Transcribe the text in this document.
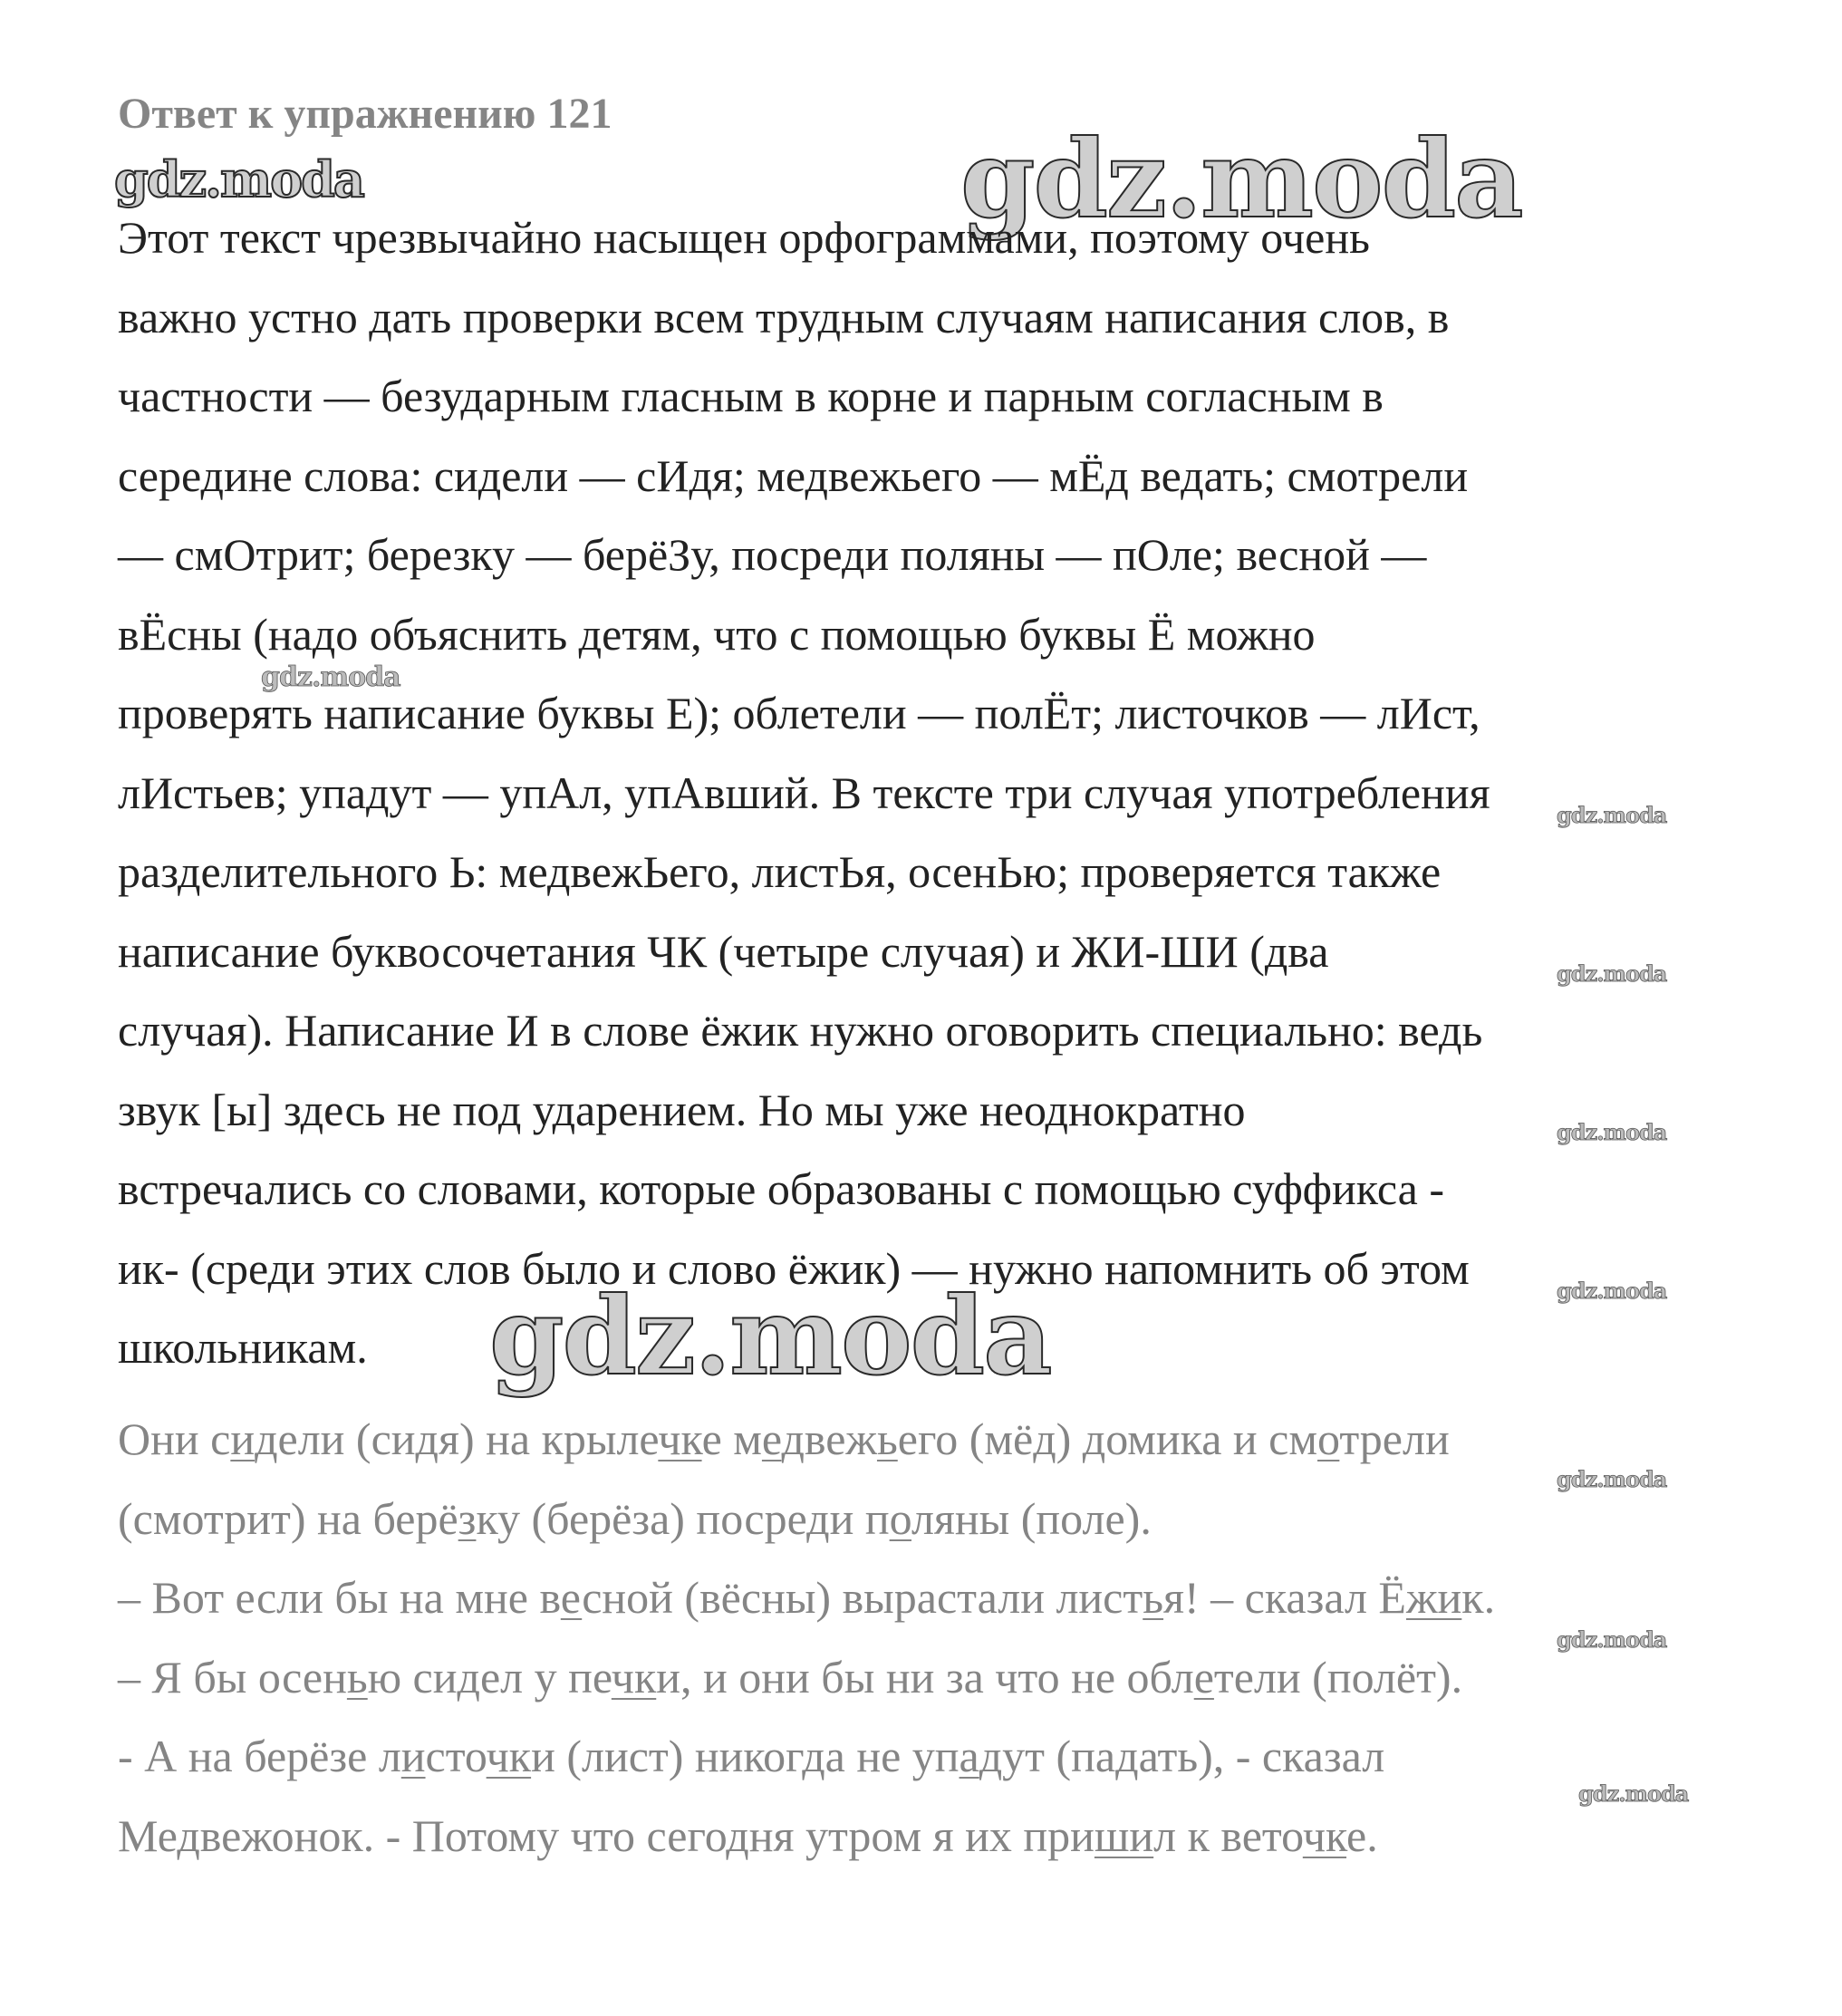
Ответ к упражнению 121
gdz.moda	gdz.moda
gdz.moda
gdz.moda
gdz.moda
gdz.moda
gdz.moda
gdz.moda
gdz.moda
gdz.moda
gdz.moda
Этот текст чрезвычайно насыщен орфограммами, поэтому очень
важно устно дать проверки всем трудным случаям написания слов, в
частности — безударным гласным в корне и парным согласным в
середине слова: сидели — сИдя; медвежьего — мЁд ведать; смотрели
— смОтрит; березку — берёЗу, посреди поляны — пОле; весной —
вЁсны (надо объяснить детям, что с помощью буквы Ё можно
проверять написание буквы Е); облетели — полЁт; листочков — лИст,
лИстьев; упадут — упАл, упАвший. В тексте три случая употребления
разделительного Ь: медвежЬего, листЬя, осенЬю; проверяется также
написание буквосочетания ЧК (четыре случая) и ЖИ-ШИ (два
случая). Написание И в слове ёжик нужно оговорить специально: ведь
звук [ы] здесь не под ударением. Но мы уже неоднократно
встречались со словами, которые образованы с помощью суффикса -
ик- (среди этих слов было и слово ёжик) — нужно напомнить об этом
школьникам.
Они сидели (сидя) на крылечке медвежьего (мёд) домика и смотрели
(смотрит) на берёзку (берёза) посреди поляны (поле).
– Вот если бы на мне весной (вёсны) вырастали листья! – сказал Ёжик.
– Я бы осенью сидел у печки, и они бы ни за что не облетели (полёт).
- А на берёзе листочки (лист) никогда не упадут (падать), - сказал
Медвежонок. - Потому что сегодня утром я их пришил к веточке.
